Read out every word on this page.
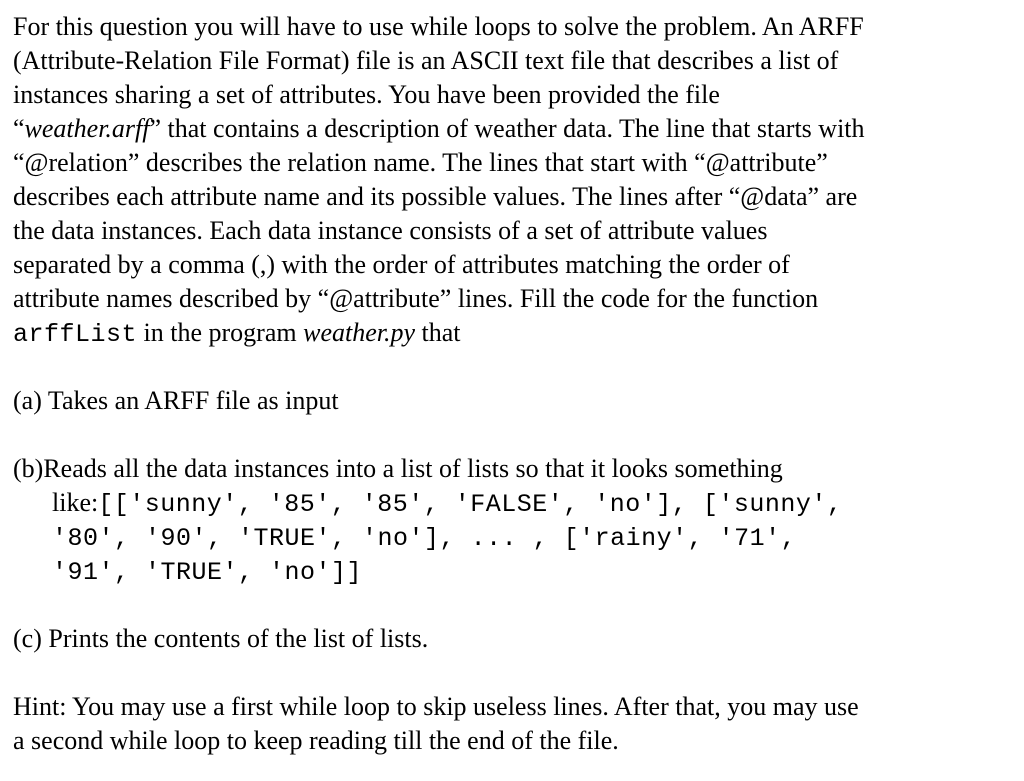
For this question you will have to use while loops to solve the problem. An ARFF
(Attribute-Relation File Format) file is an ASCII text file that describes a list of
instances sharing a set of attributes. You have been provided the file
“weather.arff” that contains a description of weather data. The line that starts with
“@relation” describes the relation name. The lines that start with “@attribute”
describes each attribute name and its possible values. The lines after “@data” are
the data instances. Each data instance consists of a set of attribute values
separated by a comma (,) with the order of attributes matching the order of
attribute names described by “@attribute” lines. Fill the code for the function
arffList in the program weather.py that
(a) Takes an ARFF file as input
(b)Reads all the data instances into a list of lists so that it looks something
like:[['sunny', '85', '85', 'FALSE', 'no'], ['sunny',
'80', '90', 'TRUE', 'no'], ... , ['rainy', '71',
'91', 'TRUE', 'no']]
(c) Prints the contents of the list of lists.
Hint: You may use a first while loop to skip useless lines. After that, you may use
a second while loop to keep reading till the end of the file.
